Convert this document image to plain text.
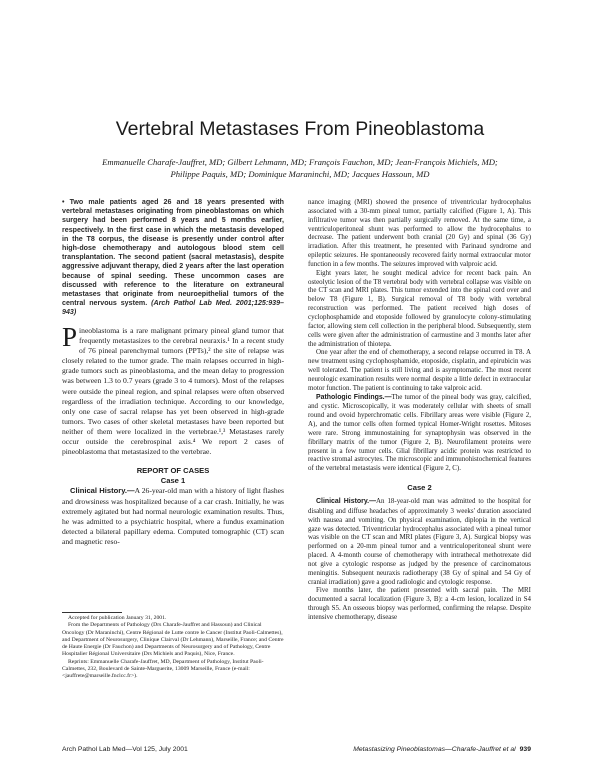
Vertebral Metastases From Pineoblastoma
Emmanuelle Charafe-Jauffret, MD; Gilbert Lehmann, MD; François Fauchon, MD; Jean-François Michiels, MD;
Philippe Paquis, MD; Dominique Maraninchi, MD; Jacques Hassoun, MD

• Two male patients aged 26 and 18 years presented with vertebral metastases originating from pineoblastomas on which surgery had been performed 8 years and 5 months earlier, respectively. In the first case in which the metastasis developed in the T8 corpus, the disease is presently under control after high-dose chemotherapy and autologous blood stem cell transplantation. The second patient (sacral metastasis), despite aggressive adjuvant therapy, died 2 years after the last operation because of spinal seeding. These uncommon cases are discussed with reference to the literature on extraneural metastases that originate from neuroepithelial tumors of the central nervous system. (Arch Pathol Lab Med. 2001;125:939–943)

Pineoblastoma is a rare malignant primary pineal gland tumor that frequently metastasizes to the cerebral neuraxis.¹ In a recent study of 76 pineal parenchymal tumors (PPTs),² the site of relapse was closely related to the tumor grade. The main relapses occurred in high-grade tumors such as pineoblastoma, and the mean delay to progression was between 1.3 to 0.7 years (grade 3 to 4 tumors). Most of the relapses were outside the pineal region, and spinal relapses were often observed regardless of the irradiation technique. According to our knowledge, only one case of sacral relapse has yet been observed in high-grade tumors. Two cases of other skeletal metastases have been reported but neither of them were localized in the vertebrae.¹,³ Metastases rarely occur outside the cerebrospinal axis.⁴ We report 2 cases of pineoblastoma that metastasized to the vertebrae.

REPORT OF CASES

Case 1

Clinical History.—A 26-year-old man with a history of light flashes and drowsiness was hospitalized because of a car crash. Initially, he was extremely agitated but had normal neurologic examination results. Thus, he was admitted to a psychiatric hospital, where a fundus examination detected a bilateral papillary edema. Computed tomographic (CT) scan and magnetic reso-

Accepted for publication January 31, 2001.

From the Departments of Pathology (Drs Charafe-Jauffret and Hassoun) and Clinical Oncology (Dr Maraninchi), Centre Régional de Lutte contre le Cancer (Institut Paoli-Calmettes), and Department of Neurosurgery, Clinique Clairval (Dr Lehmann), Marseille, France; and Centre de Haute Energie (Dr Fauchon) and Departments of Neurosurgery and of Pathology, Centre Hospitalier Régional Universitaire (Drs Michiels and Paquis), Nice, France.

Reprints: Emmanuelle Charafe-Jauffret, MD, Department of Pathology, Institut Paoli-Calmettes, 232, Boulevard de Sainte-Marguerite, 13009 Marseille, France (e-mail: <jauffrete@marseille.fnclcc.fr>).

nance imaging (MRI) showed the presence of triventricular hydrocephalus associated with a 30-mm pineal tumor, partially calcified (Figure 1, A). This infiltrative tumor was then partially surgically removed. At the same time, a ventriculoperitoneal shunt was performed to allow the hydrocephalus to decrease. The patient underwent both cranial (20 Gy) and spinal (36 Gy) irradiation. After this treatment, he presented with Parinaud syndrome and epileptic seizures. He spontaneously recovered fairly normal extraocular motor function in a few months. The seizures improved with valproic acid.

Eight years later, he sought medical advice for recent back pain. An osteolytic lesion of the T8 vertebral body with vertebral collapse was visible on the CT scan and MRI plates. This tumor extended into the spinal cord over and below T8 (Figure 1, B). Surgical removal of T8 body with vertebral reconstruction was performed. The patient received high doses of cyclophosphamide and etoposide followed by granulocyte colony-stimulating factor, allowing stem cell collection in the peripheral blood. Subsequently, stem cells were given after the administration of carmustine and 3 months later after the administration of thiotepa.

One year after the end of chemotherapy, a second relapse occurred in T8. A new treatment using cyclophosphamide, etoposide, cisplatin, and epirubicin was well tolerated. The patient is still living and is asymptomatic. The most recent neurologic examination results were normal despite a little defect in extraocular motor function. The patient is continuing to take valproic acid.

Pathologic Findings.—The tumor of the pineal body was gray, calcified, and cystic. Microscopically, it was moderately cellular with sheets of small round and ovoid hyperchromatic cells. Fibrillary areas were visible (Figure 2, A), and the tumor cells often formed typical Homer-Wright rosettes. Mitoses were rare. Strong immunostaining for synaptophysin was observed in the fibrillary matrix of the tumor (Figure 2, B). Neurofilament proteins were present in a few tumor cells. Glial fibrillary acidic protein was restricted to reactive stromal astrocytes. The microscopic and immunohistochemical features of the vertebral metastasis were identical (Figure 2, C).

Case 2

Clinical History.—An 18-year-old man was admitted to the hospital for disabling and diffuse headaches of approximately 3 weeks' duration associated with nausea and vomiting. On physical examination, diplopia in the vertical gaze was detected. Triventricular hydrocephalus associated with a pineal tumor was visible on the CT scan and MRI plates (Figure 3, A). Surgical biopsy was performed on a 20-mm pineal tumor and a ventriculoperitoneal shunt were placed. A 4-month course of chemotherapy with intrathecal methotrexate did not give a cytologic response as judged by the presence of carcinomatous meningitis. Subsequent neuraxis radiotherapy (38 Gy of spinal and 54 Gy of cranial irradiation) gave a good radiologic and cytologic response.

Five months later, the patient presented with sacral pain. The MRI documented a sacral localization (Figure 3, B): a 4-cm lesion, localized in S4 through S5. An osseous biopsy was performed, confirming the relapse. Despite intensive chemotherapy, disease

Arch Pathol Lab Med—Vol 125, July 2001	Metastasizing Pineoblastomas—Charafe-Jauffret et al 939
